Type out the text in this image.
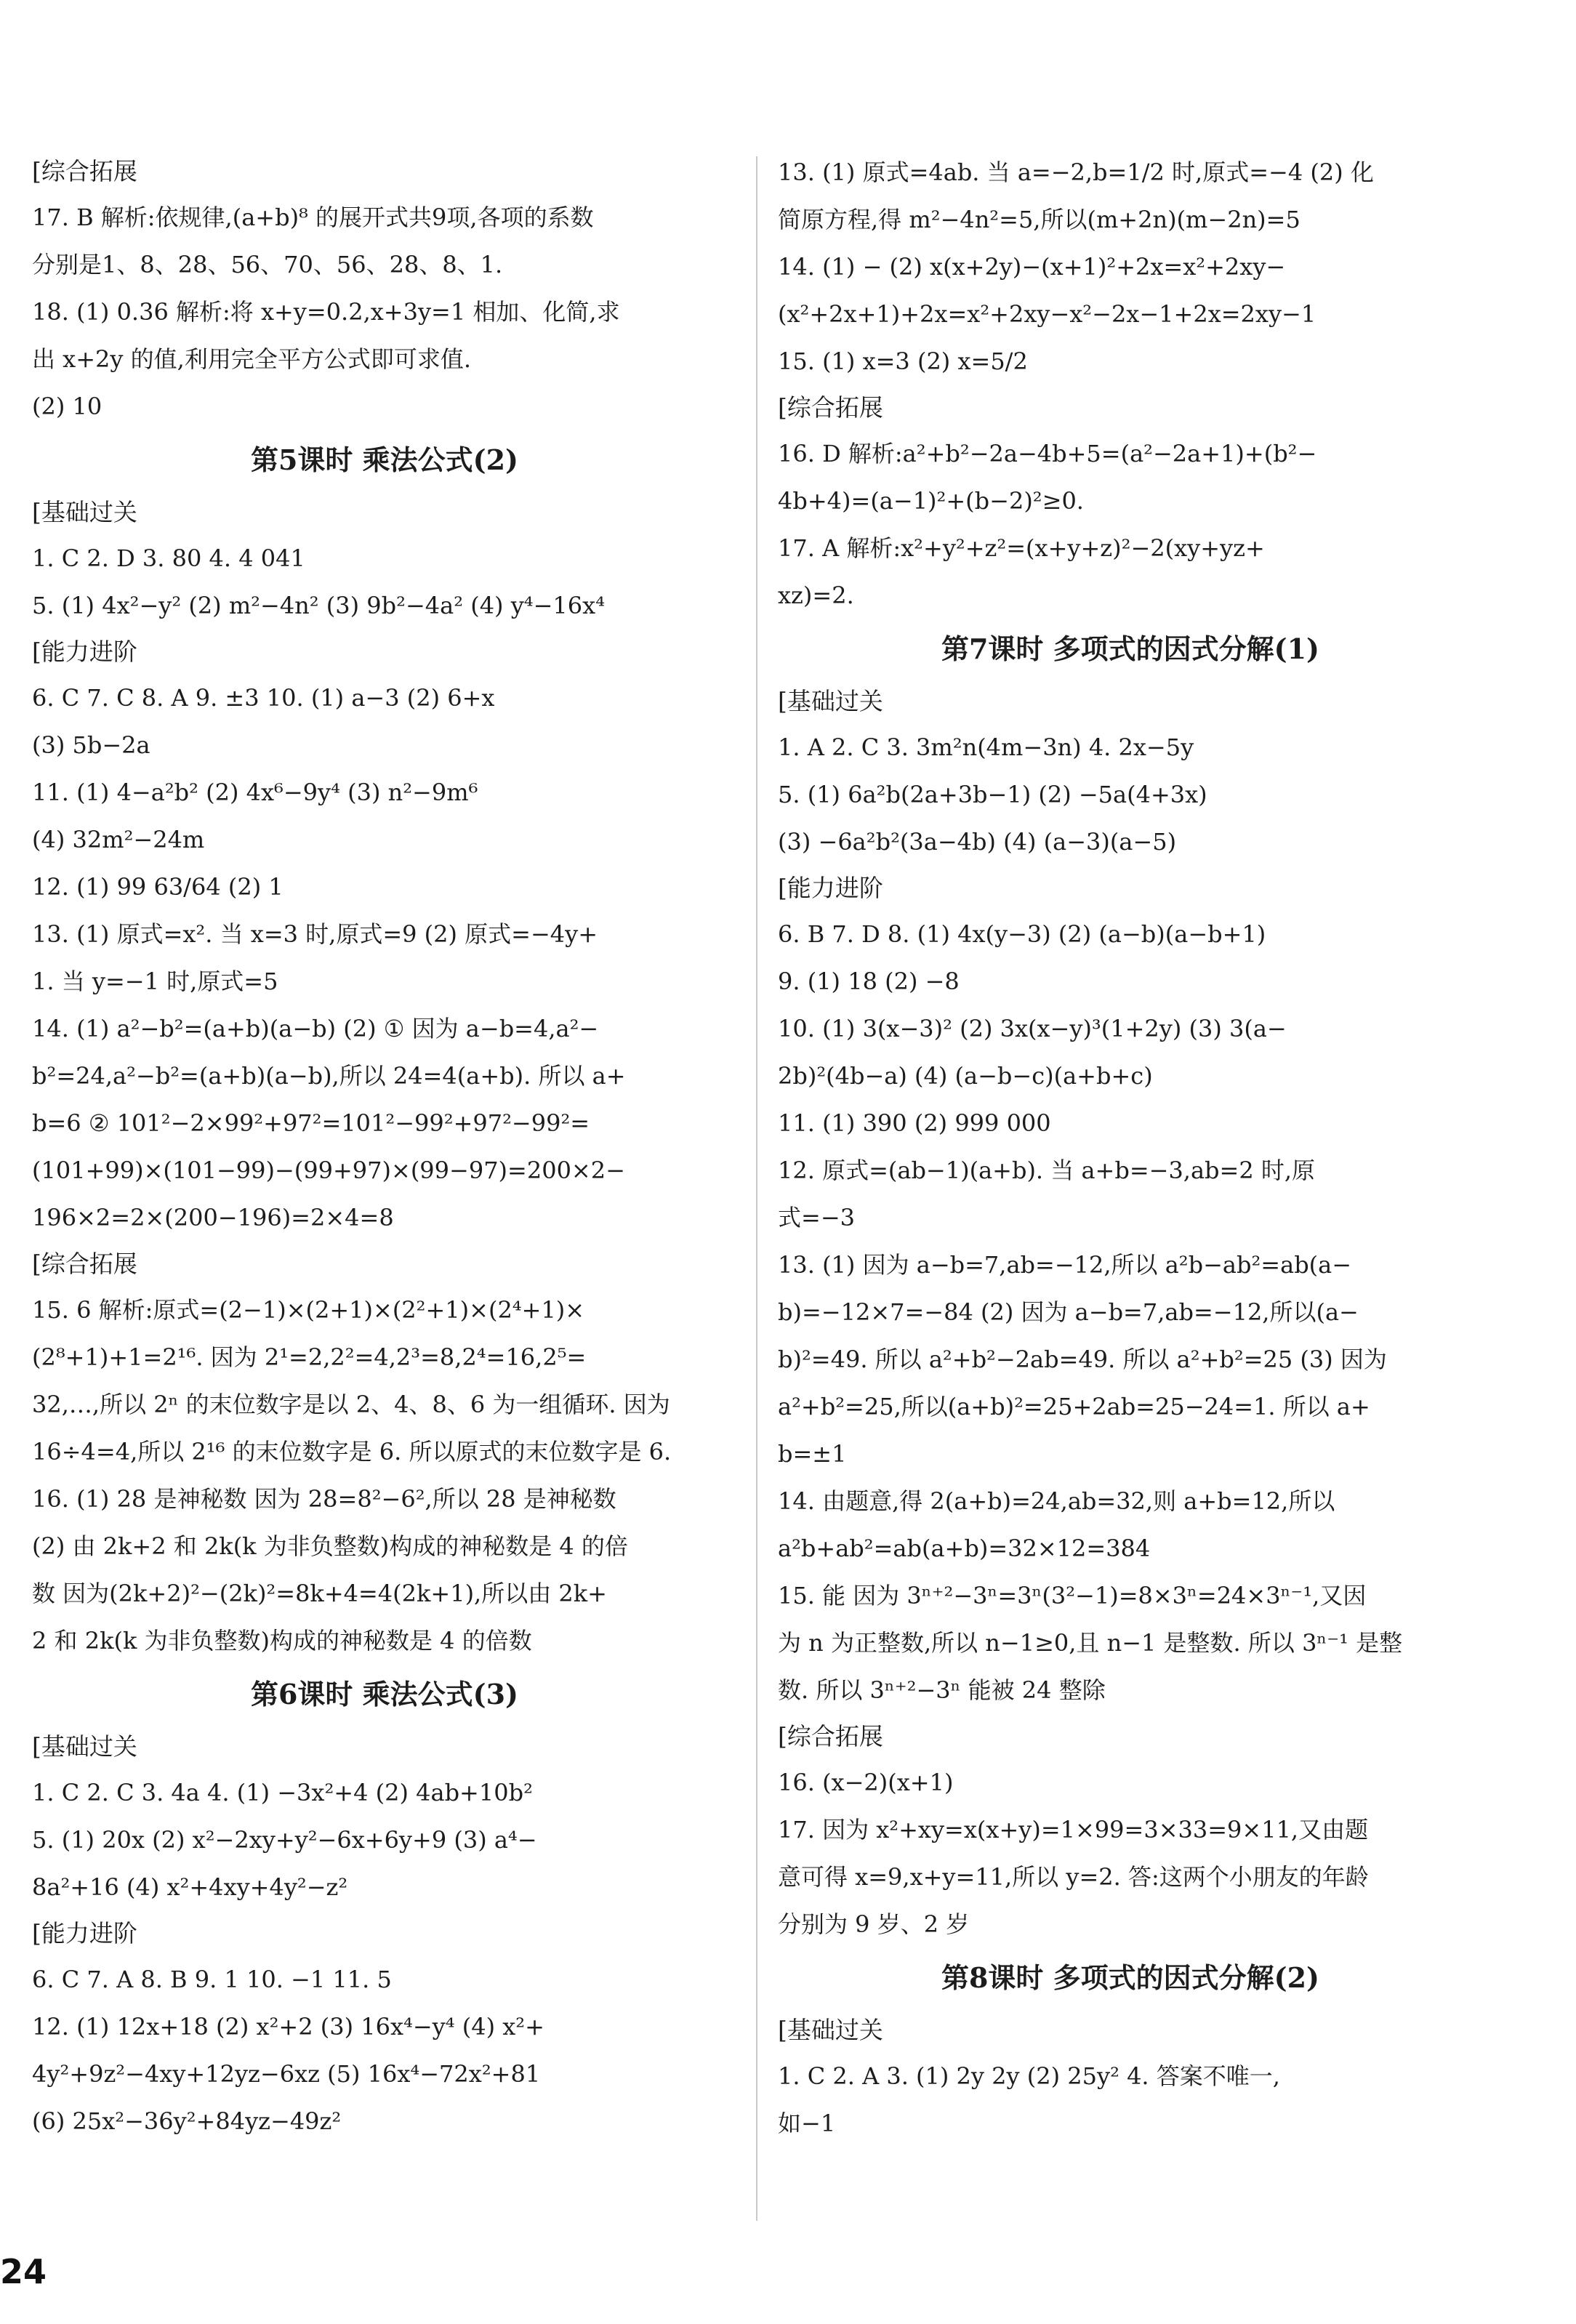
[综合拓展
17. B 解析:依规律,(a+b)⁸ 的展开式共9项,各项的系数
分别是1、8、28、56、70、56、28、8、1.
18. (1) 0.36 解析:将 x+y=0.2,x+3y=1 相加、化简,求
出 x+2y 的值,利用完全平方公式即可求值.
(2) 10
第5课时 乘法公式(2)
[基础过关
1. C 2. D 3. 80 4. 4 041
5. (1) 4x²−y² (2) m²−4n² (3) 9b²−4a² (4) y⁴−16x⁴
[能力进阶
6. C 7. C 8. A 9. ±3 10. (1) a−3 (2) 6+x
(3) 5b−2a
11. (1) 4−a²b² (2) 4x⁶−9y⁴ (3) n²−9m⁶
(4) 32m²−24m
12. (1) 99 63/64 (2) 1
13. (1) 原式=x². 当 x=3 时,原式=9 (2) 原式=−4y+
1. 当 y=−1 时,原式=5
14. (1) a²−b²=(a+b)(a−b) (2) ① 因为 a−b=4,a²−
b²=24,a²−b²=(a+b)(a−b),所以 24=4(a+b). 所以 a+
b=6 ② 101²−2×99²+97²=101²−99²+97²−99²=
(101+99)×(101−99)−(99+97)×(99−97)=200×2−
196×2=2×(200−196)=2×4=8
[综合拓展
15. 6 解析:原式=(2−1)×(2+1)×(2²+1)×(2⁴+1)×
(2⁸+1)+1=2¹⁶. 因为 2¹=2,2²=4,2³=8,2⁴=16,2⁵=
32,…,所以 2ⁿ 的末位数字是以 2、4、8、6 为一组循环. 因为
16÷4=4,所以 2¹⁶ 的末位数字是 6. 所以原式的末位数字是 6.
16. (1) 28 是神秘数 因为 28=8²−6²,所以 28 是神秘数
(2) 由 2k+2 和 2k(k 为非负整数)构成的神秘数是 4 的倍
数 因为(2k+2)²−(2k)²=8k+4=4(2k+1),所以由 2k+
2 和 2k(k 为非负整数)构成的神秘数是 4 的倍数
第6课时 乘法公式(3)
[基础过关
1. C 2. C 3. 4a 4. (1) −3x²+4 (2) 4ab+10b²
5. (1) 20x (2) x²−2xy+y²−6x+6y+9 (3) a⁴−
8a²+16 (4) x²+4xy+4y²−z²
[能力进阶
6. C 7. A 8. B 9. 1 10. −1 11. 5
12. (1) 12x+18 (2) x²+2 (3) 16x⁴−y⁴ (4) x²+
4y²+9z²−4xy+12yz−6xz (5) 16x⁴−72x²+81
(6) 25x²−36y²+84yz−49z²
13. (1) 原式=4ab. 当 a=−2,b=1/2 时,原式=−4 (2) 化
简原方程,得 m²−4n²=5,所以(m+2n)(m−2n)=5
14. (1) − (2) x(x+2y)−(x+1)²+2x=x²+2xy−
(x²+2x+1)+2x=x²+2xy−x²−2x−1+2x=2xy−1
15. (1) x=3 (2) x=5/2
[综合拓展
16. D 解析:a²+b²−2a−4b+5=(a²−2a+1)+(b²−
4b+4)=(a−1)²+(b−2)²≥0.
17. A 解析:x²+y²+z²=(x+y+z)²−2(xy+yz+
xz)=2.
第7课时 多项式的因式分解(1)
[基础过关
1. A 2. C 3. 3m²n(4m−3n) 4. 2x−5y
5. (1) 6a²b(2a+3b−1) (2) −5a(4+3x)
(3) −6a²b²(3a−4b) (4) (a−3)(a−5)
[能力进阶
6. B 7. D 8. (1) 4x(y−3) (2) (a−b)(a−b+1)
9. (1) 18 (2) −8
10. (1) 3(x−3)² (2) 3x(x−y)³(1+2y) (3) 3(a−
2b)²(4b−a) (4) (a−b−c)(a+b+c)
11. (1) 390 (2) 999 000
12. 原式=(ab−1)(a+b). 当 a+b=−3,ab=2 时,原
式=−3
13. (1) 因为 a−b=7,ab=−12,所以 a²b−ab²=ab(a−
b)=−12×7=−84 (2) 因为 a−b=7,ab=−12,所以(a−
b)²=49. 所以 a²+b²−2ab=49. 所以 a²+b²=25 (3) 因为
a²+b²=25,所以(a+b)²=25+2ab=25−24=1. 所以 a+
b=±1
14. 由题意,得 2(a+b)=24,ab=32,则 a+b=12,所以
a²b+ab²=ab(a+b)=32×12=384
15. 能 因为 3ⁿ⁺²−3ⁿ=3ⁿ(3²−1)=8×3ⁿ=24×3ⁿ⁻¹,又因
为 n 为正整数,所以 n−1≥0,且 n−1 是整数. 所以 3ⁿ⁻¹ 是整
数. 所以 3ⁿ⁺²−3ⁿ 能被 24 整除
[综合拓展
16. (x−2)(x+1)
17. 因为 x²+xy=x(x+y)=1×99=3×33=9×11,又由题
意可得 x=9,x+y=11,所以 y=2. 答:这两个小朋友的年龄
分别为 9 岁、2 岁
第8课时 多项式的因式分解(2)
[基础过关
1. C 2. A 3. (1) 2y 2y (2) 25y² 4. 答案不唯一,
如−1
24
